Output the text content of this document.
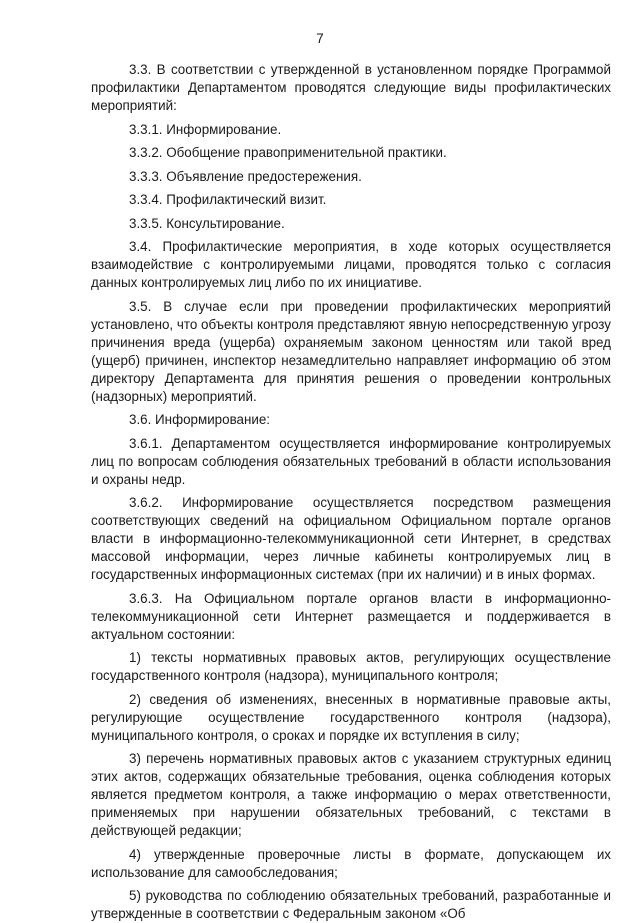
7

3.3. В соответствии с утвержденной в установленном порядке Программой профилактики Департаментом проводятся следующие виды профилактических мероприятий:

3.3.1. Информирование.

3.3.2. Обобщение правоприменительной практики.

3.3.3. Объявление предостережения.

3.3.4. Профилактический визит.

3.3.5. Консультирование.

3.4. Профилактические мероприятия, в ходе которых осуществляется взаимодействие с контролируемыми лицами, проводятся только с согласия данных контролируемых лиц либо по их инициативе.

3.5. В случае если при проведении профилактических мероприятий установлено, что объекты контроля представляют явную непосредственную угрозу причинения вреда (ущерба) охраняемым законом ценностям или такой вред (ущерб) причинен, инспектор незамедлительно направляет информацию об этом директору Департамента для принятия решения о проведении контрольных (надзорных) мероприятий.

3.6. Информирование:

3.6.1. Департаментом осуществляется информирование контролируемых лиц по вопросам соблюдения обязательных требований в области использования и охраны недр.

3.6.2. Информирование осуществляется посредством размещения соответствующих сведений на официальном Официальном портале органов власти в информационно-телекоммуникационной сети Интернет, в средствах массовой информации, через личные кабинеты контролируемых лиц в государственных информационных системах (при их наличии) и в иных формах.

3.6.3. На Официальном портале органов власти в информационно-телекоммуникационной сети Интернет размещается и поддерживается в актуальном состоянии:

1) тексты нормативных правовых актов, регулирующих осуществление государственного контроля (надзора), муниципального контроля;

2) сведения об изменениях, внесенных в нормативные правовые акты, регулирующие осуществление государственного контроля (надзора), муниципального контроля, о сроках и порядке их вступления в силу;

3) перечень нормативных правовых актов с указанием структурных единиц этих актов, содержащих обязательные требования, оценка соблюдения которых является предметом контроля, а также информацию о мерах ответственности, применяемых при нарушении обязательных требований, с текстами в действующей редакции;

4) утвержденные проверочные листы в формате, допускающем их использование для самообследования;

5) руководства по соблюдению обязательных требований, разработанные и утвержденные в соответствии с Федеральным законом «Об
